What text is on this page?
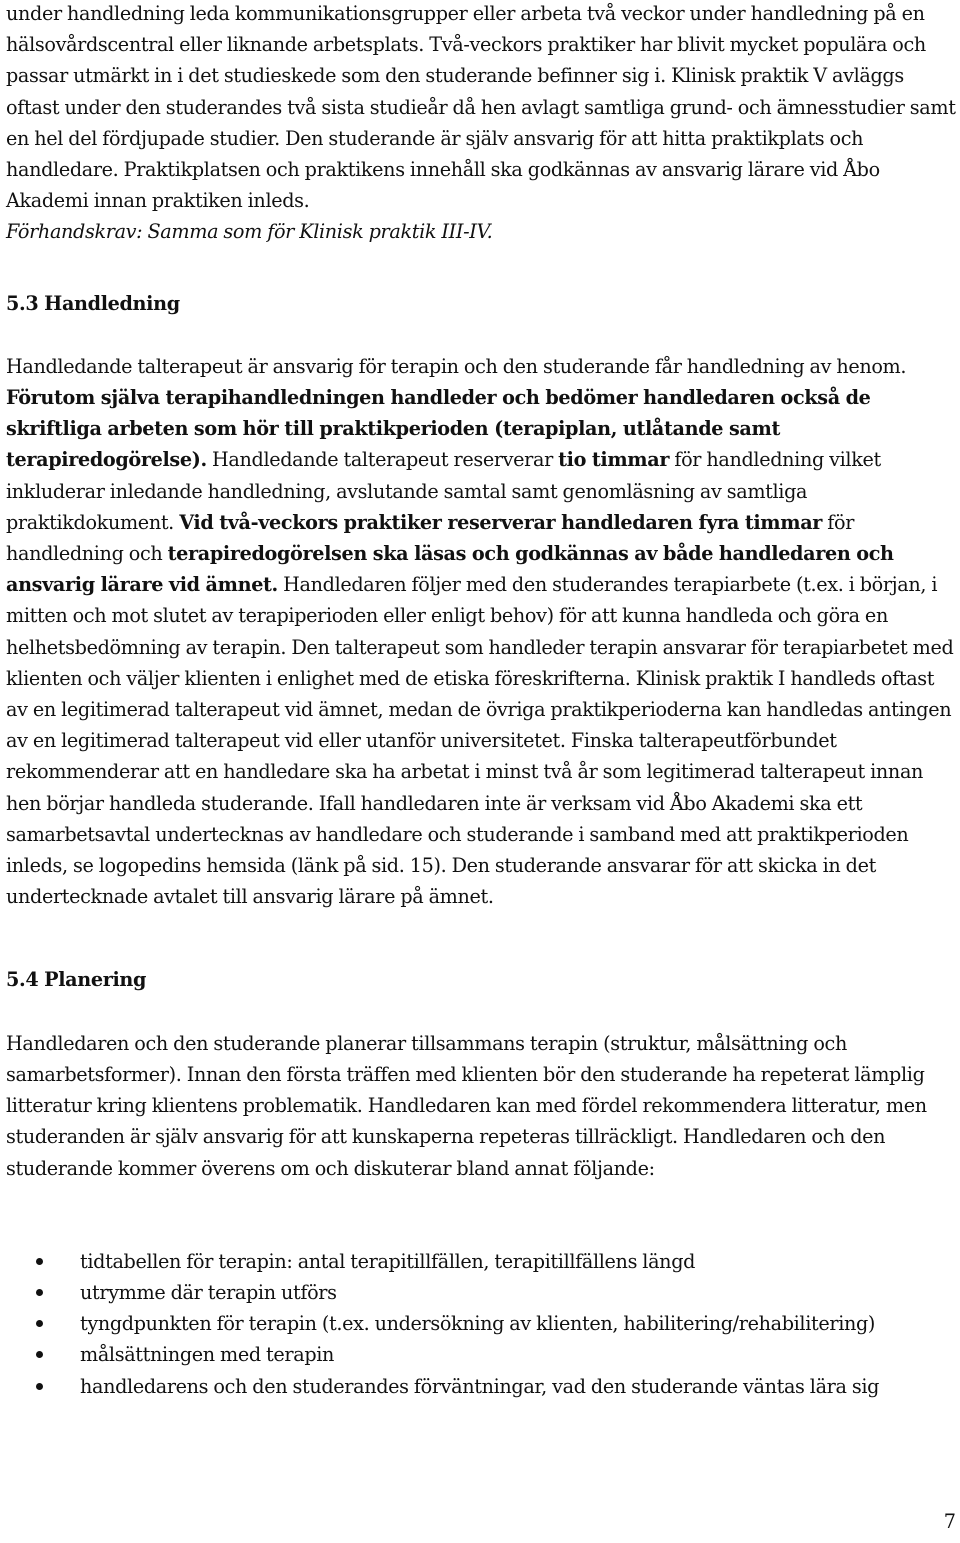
under handledning leda kommunikationsgrupper eller arbeta två veckor under handledning på en hälsovårdscentral eller liknande arbetsplats. Två-veckors praktiker har blivit mycket populära och passar utmärkt in i det studieskede som den studerande befinner sig i. Klinisk praktik V avläggs oftast under den studerandes två sista studieår då hen avlagt samtliga grund- och ämnesstudier samt en hel del fördjupade studier. Den studerande är själv ansvarig för att hitta praktikplats och handledare. Praktikplatsen och praktikens innehåll ska godkännas av ansvarig lärare vid Åbo Akademi innan praktiken inleds.
Förhandskrav: Samma som för Klinisk praktik III-IV.

5.3 Handledning

Handledande talterapeut är ansvarig för terapin och den studerande får handledning av henom. Förutom själva terapihandledningen handleder och bedömer handledaren också de skriftliga arbeten som hör till praktikperioden (terapiplan, utlåtande samt terapiredogörelse). Handledande talterapeut reserverar tio timmar för handledning vilket inkluderar inledande handledning, avslutande samtal samt genomläsning av samtliga praktikdokument. Vid två-veckors praktiker reserverar handledaren fyra timmar för handledning och terapiredogörelsen ska läsas och godkännas av både handledaren och ansvarig lärare vid ämnet. Handledaren följer med den studerandes terapiarbete (t.ex. i början, i mitten och mot slutet av terapiperioden eller enligt behov) för att kunna handleda och göra en helhetsbedömning av terapin. Den talterapeut som handleder terapin ansvarar för terapiarbetet med klienten och väljer klienten i enlighet med de etiska föreskrifterna. Klinisk praktik I handleds oftast av en legitimerad talterapeut vid ämnet, medan de övriga praktikperioderna kan handledas antingen av en legitimerad talterapeut vid eller utanför universitetet. Finska talterapeutförbundet rekommenderar att en handledare ska ha arbetat i minst två år som legitimerad talterapeut innan hen börjar handleda studerande. Ifall handledaren inte är verksam vid Åbo Akademi ska ett samarbetsavtal undertecknas av handledare och studerande i samband med att praktikperioden inleds, se logopedins hemsida (länk på sid. 15). Den studerande ansvarar för att skicka in det undertecknade avtalet till ansvarig lärare på ämnet.

5.4 Planering

Handledaren och den studerande planerar tillsammans terapin (struktur, målsättning och samarbetsformer). Innan den första träffen med klienten bör den studerande ha repeterat lämplig litteratur kring klientens problematik. Handledaren kan med fördel rekommendera litteratur, men studeranden är själv ansvarig för att kunskaperna repeteras tillräckligt. Handledaren och den studerande kommer överens om och diskuterar bland annat följande:

tidtabellen för terapin: antal terapitillfällen, terapitillfällens längd
utrymme där terapin utförs
tyngdpunkten för terapin (t.ex. undersökning av klienten, habilitering/rehabilitering)
målsättningen med terapin
handledarens och den studerandes förväntningar, vad den studerande väntas lära sig
7
